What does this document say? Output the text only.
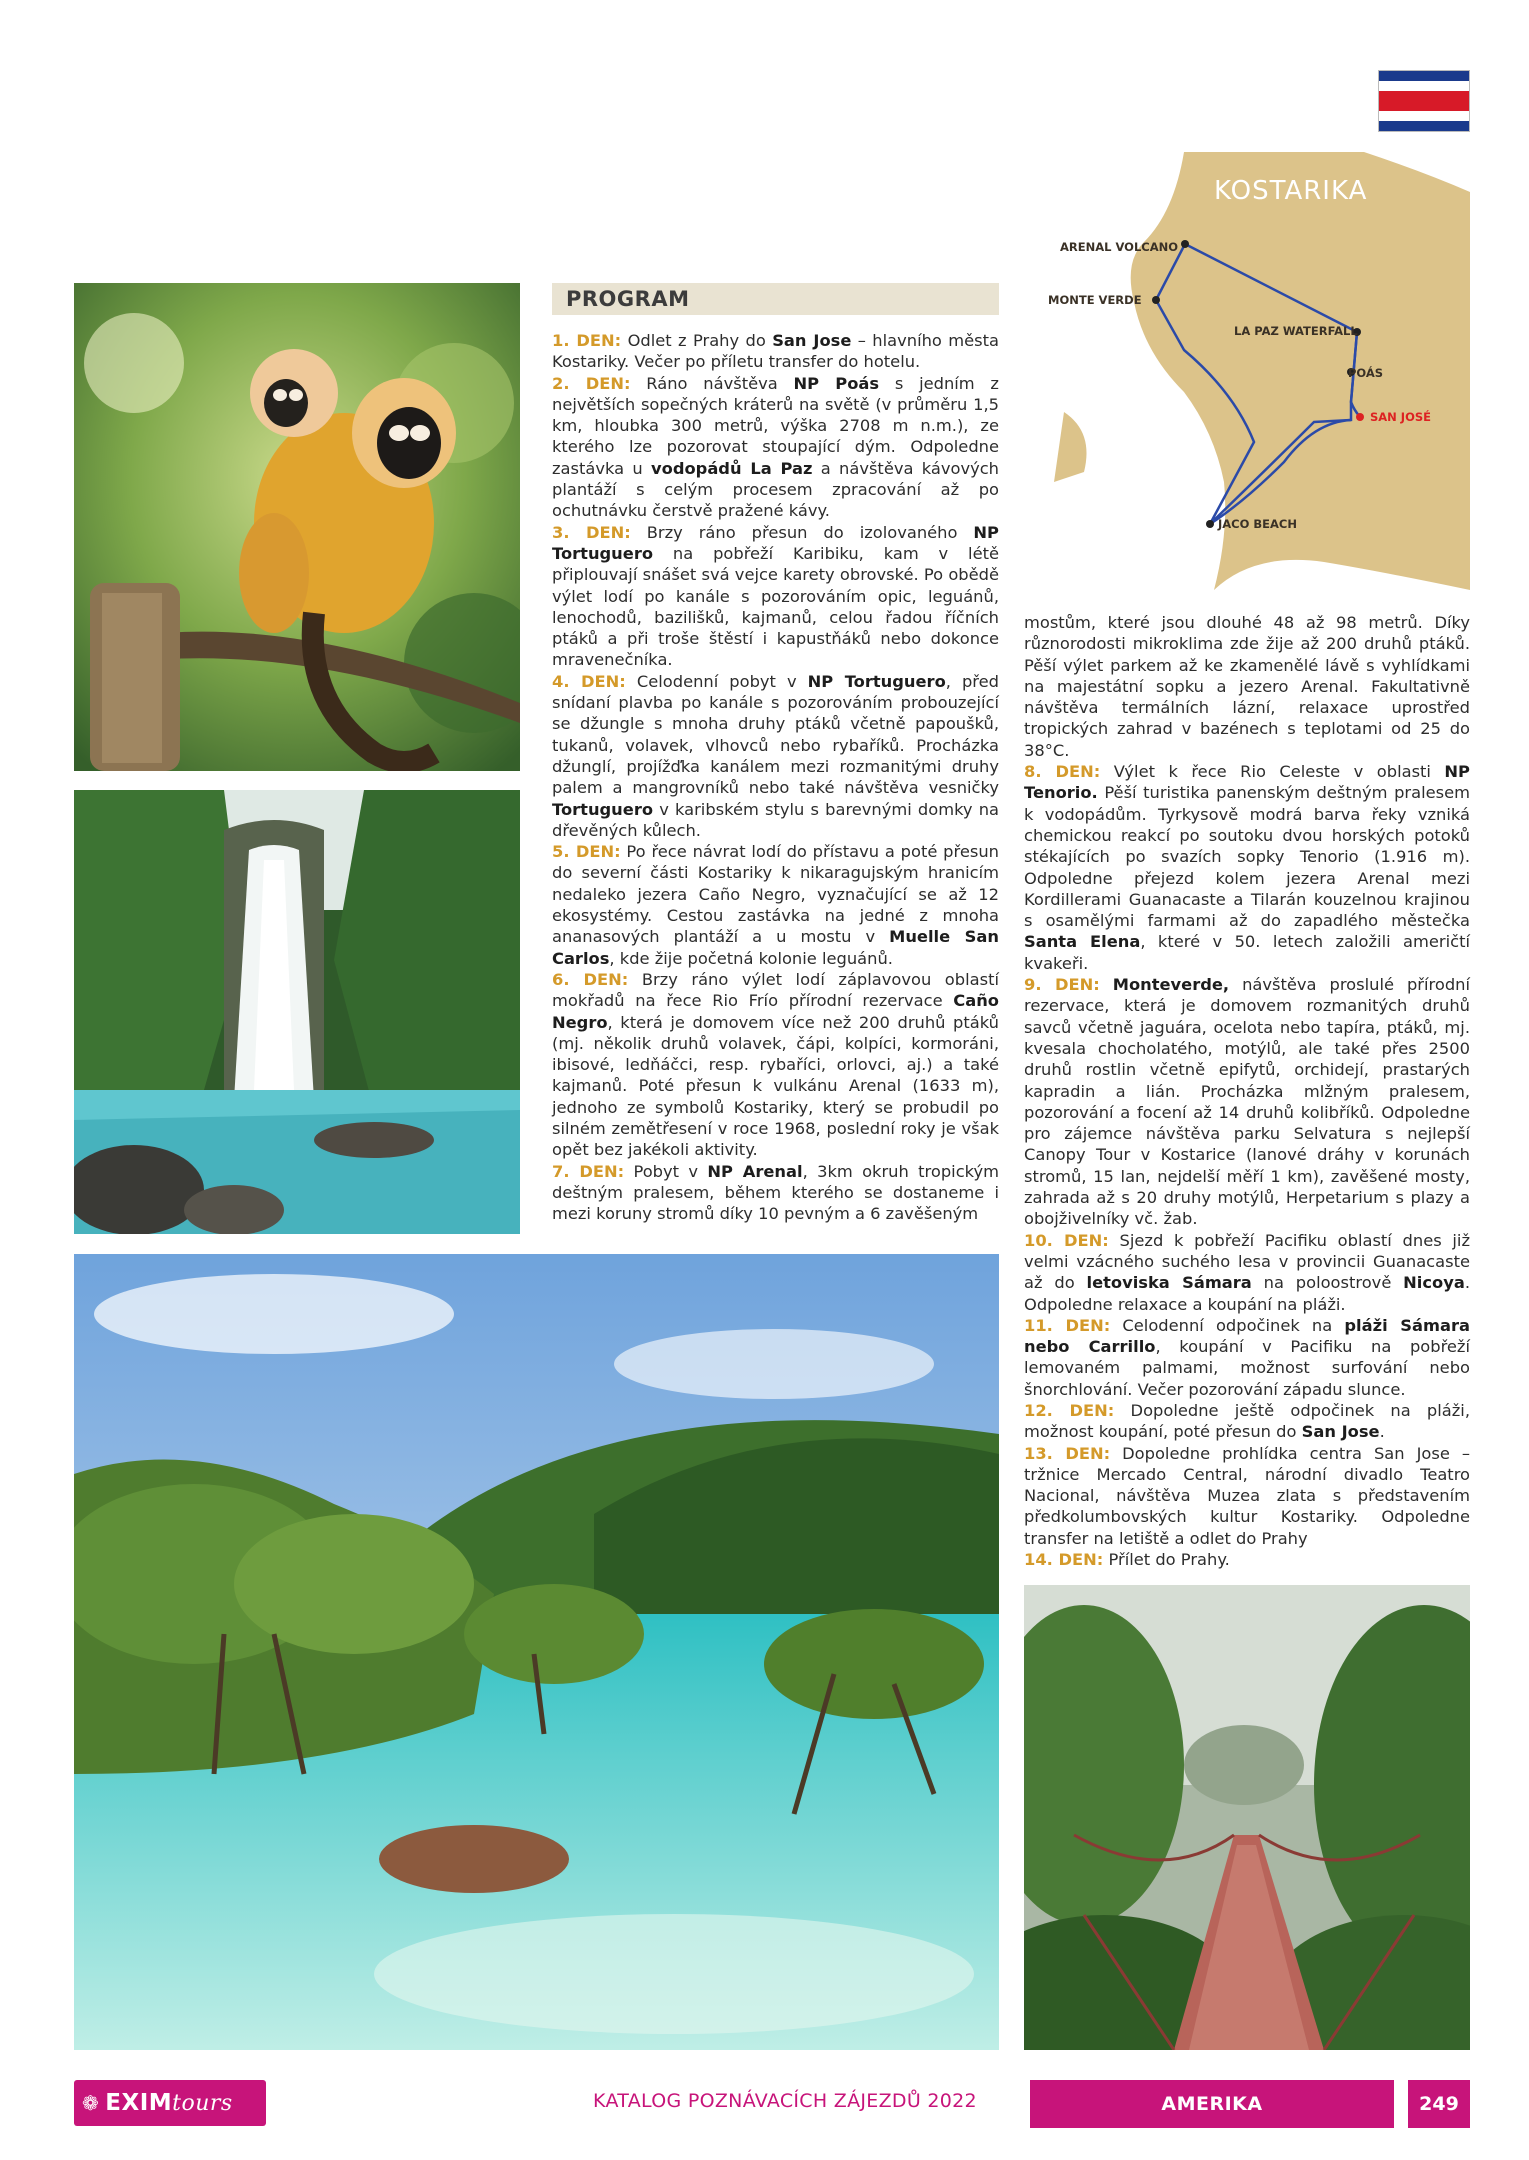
PROGRAM

1. DEN: Odlet z Prahy do San Jose – hlavního města Kostariky. Večer po příletu transfer do hotelu.

2. DEN: Ráno návštěva NP Poás s jedním z největších sopečných kráterů na světě (v průměru 1,5 km, hloubka 300 metrů, výška 2708 m n.m.), ze kterého lze pozorovat stoupající dým. Odpoledne zastávka u vodopádů La Paz a návštěva kávových plantáží s celým procesem zpracování až po ochutnávku čerstvě pražené kávy.

3. DEN: Brzy ráno přesun do izolovaného NP Tortuguero na pobřeží Karibiku, kam v létě připlouvají snášet svá vejce karety obrovské. Po obědě výlet lodí po kanále s pozorováním opic, leguánů, lenochodů, bazilišků, kajmanů, celou řadou říčních ptáků a při troše štěstí i kapustňáků nebo dokonce mravenečníka.

4. DEN: Celodenní pobyt v NP Tortuguero, před snídaní plavba po kanále s pozorováním probouzející se džungle s mnoha druhy ptáků včetně papoušků, tukanů, volavek, vlhovců nebo rybaříků. Procházka džunglí, projížďka kanálem mezi rozmanitými druhy palem a mangrovníků nebo také návštěva vesničky Tortuguero v karibském stylu s barevnými domky na dřevěných kůlech.

5. DEN: Po řece návrat lodí do přístavu a poté přesun do severní části Kostariky k nikaragujským hranicím nedaleko jezera Caño Negro, vyznačující se až 12 ekosystémy. Cestou zastávka na jedné z mnoha ananasových plantáží a u mostu v Muelle San Carlos, kde žije početná kolonie leguánů.

6. DEN: Brzy ráno výlet lodí záplavovou oblastí mokřadů na řece Rio Frío přírodní rezervace Caño Negro, která je domovem více než 200 druhů ptáků (mj. několik druhů volavek, čápi, kolpíci, kormoráni, ibisové, ledňáčci, resp. rybaříci, orlovci, aj.) a také kajmanů. Poté přesun k vulkánu Arenal (1633 m), jednoho ze symbolů Kostariky, který se probudil po silném zemětřesení v roce 1968, poslední roky je však opět bez jakékoli aktivity.

7. DEN: Pobyt v NP Arenal, 3km okruh tropickým deštným pralesem, během kterého se dostaneme i mezi koruny stromů díky 10 pevným a 6 zavěšeným

KOSTARIKA
ARENAL VOLCANO
MONTE VERDE
LA PAZ WATERFALL
POÁS
SAN JOSÉ
JACO BEACH

mostům, které jsou dlouhé 48 až 98 metrů. Díky různorodosti mikroklima zde žije až 200 druhů ptáků. Pěší výlet parkem až ke zkamenělé lávě s vyhlídkami na majestátní sopku a jezero Arenal. Fakultativně návštěva termálních lázní, relaxace uprostřed tropických zahrad v bazénech s teplotami od 25 do 38°C.

8. DEN: Výlet k řece Rio Celeste v oblasti NP Tenorio. Pěší turistika panenským deštným pralesem k vodopádům. Tyrkysově modrá barva řeky vzniká chemickou reakcí po soutoku dvou horských potoků stékajících po svazích sopky Tenorio (1.916 m). Odpoledne přejezd kolem jezera Arenal mezi Kordillerami Guanacaste a Tilarán kouzelnou krajinou s osamělými farmami až do zapadlého městečka Santa Elena, které v 50. letech založili američtí kvakeři.

9. DEN: Monteverde, návštěva proslulé přírodní rezervace, která je domovem rozmanitých druhů savců včetně jaguára, ocelota nebo tapíra, ptáků, mj. kvesala chocholatého, motýlů, ale také přes 2500 druhů rostlin včetně epifytů, orchidejí, prastarých kapradin a lián. Procházka mlžným pralesem, pozorování a focení až 14 druhů kolibříků. Odpoledne pro zájemce návštěva parku Selvatura s nejlepší Canopy Tour v Kostarice (lanové dráhy v korunách stromů, 15 lan, nejdelší měří 1 km), zavěšené mosty, zahrada až s 20 druhy motýlů, Herpetarium s plazy a obojživelníky vč. žab.

10. DEN: Sjezd k pobřeží Pacifiku oblastí dnes již velmi vzácného suchého lesa v provincii Guanacaste až do letoviska Sámara na poloostrově Nicoya. Odpoledne relaxace a koupání na pláži.

11. DEN: Celodenní odpočinek na pláži Sámara nebo Carrillo, koupání v Pacifiku na pobřeží lemovaném palmami, možnost surfování nebo šnorchlování. Večer pozorování západu slunce.

12. DEN: Dopoledne ještě odpočinek na pláži, možnost koupání, poté přesun do San Jose.

13. DEN: Dopoledne prohlídka centra San Jose – tržnice Mercado Central, národní divadlo Teatro Nacional, návštěva Muzea zlata s představením předkolumbovských kultur Kostariky. Odpoledne transfer na letiště a odlet do Prahy

14. DEN: Přílet do Prahy.

❁ EXIM tours	KATALOG POZNÁVACÍCH ZÁJEZDŮ 2022	AMERIKA	249
